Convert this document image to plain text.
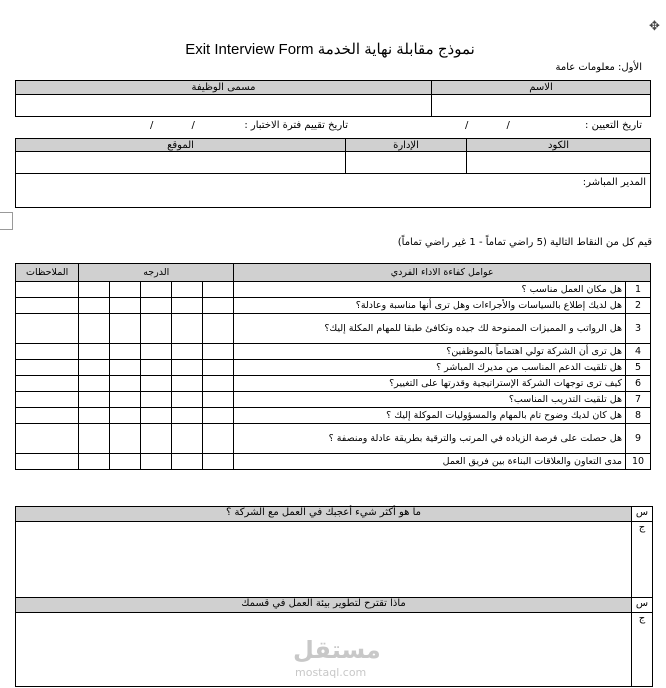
Exit Interview Form نموذج مقابلة نهاية الخدمة
✥
الأول: معلومات عامة
الاسم	مسمى الوظيفة

تاريخ التعيين :
/            /
تاريخ تقييم فترة الاختبار :
/            /
الكود	الإدارة	الموقع

المدير المباشر:		
قيم كل من النقاط التالية (5 راضي تماماً - 1 غير راضي تماماً)
عوامل كفاءة الاداء الفردي		الدرجه					الملاحظات
1	هل مكان العمل مناسب ؟						
2	هل لديك إطلاع بالسياسات والأجراءات وهل ترى أنها مناسبة وعادلة؟						
3	هل الرواتب و المميزات الممنوحة لك جيده وتكافئ طبقا للمهام المكلة إليك؟						
4	هل ترى أن الشركة تولي اهتماماً بالموظفين؟						
5	هل تلقيت الدعم المناسب من مديرك المباشر ؟						
6	كيف ترى توجهات الشركة الإستراتيجية وقدرتها على التغيير؟						
7	هل تلقيت التدريب المناسب؟						
8	هل كان لديك وضوح تام بالمهام والمسؤوليات الموكلة إليك ؟						
9	هل حصلت على فرصة الزياده في المرتب والترقية بطريقة عادلة ومنصفة ؟						
10	مدى التعاون والعلاقات البناءة بين فريق العمل						
س
ما هو أكثر شيء أعجبك في العمل مع الشركة ؟
ج
س
ماذا تقترح لتطوير بيئة العمل في قسمك
ج
مستقل
mostaql.com
